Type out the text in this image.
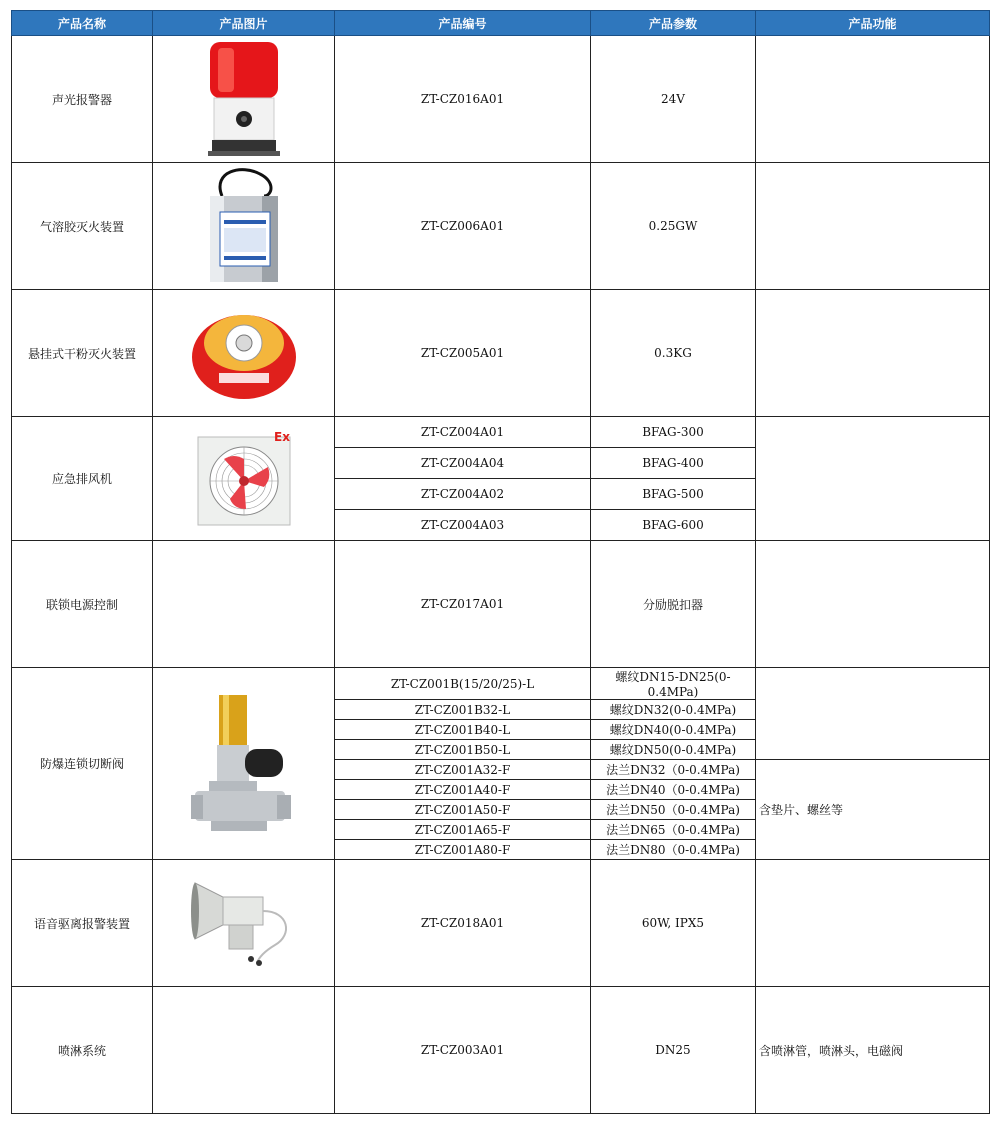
产品名称	产品图片	产品编号	产品参数	产品功能
声光报警器		ZT-CZ016A01	24V	
气溶胶灭火装置		ZT-CZ006A01	0.25GW	
悬挂式干粉灭火装置		ZT-CZ005A01	0.3KG	
应急排风机	Ex	ZT-CZ004A01	BFAG-300	
		ZT-CZ004A04	BFAG-400	
		ZT-CZ004A02	BFAG-500	
		ZT-CZ004A03	BFAG-600	
联锁电源控制		ZT-CZ017A01	分励脱扣器	
防爆连锁切断阀		ZT-CZ001B(15/20/25)-L	螺纹DN15-DN25(0-0.4MPa)	
		ZT-CZ001B32-L	螺纹DN32(0-0.4MPa)	
		ZT-CZ001B40-L	螺纹DN40(0-0.4MPa)	
		ZT-CZ001B50-L	螺纹DN50(0-0.4MPa)	
		ZT-CZ001A32-F	法兰DN32（0-0.4MPa)	含垫片、螺丝等
		ZT-CZ001A40-F	法兰DN40（0-0.4MPa)	
		ZT-CZ001A50-F	法兰DN50（0-0.4MPa)	
		ZT-CZ001A65-F	法兰DN65（0-0.4MPa)	
		ZT-CZ001A80-F	法兰DN80（0-0.4MPa)	
语音驱离报警装置		ZT-CZ018A01	60W, IPX5	
喷淋系统		ZT-CZ003A01	DN25	含喷淋管，喷淋头，电磁阀
